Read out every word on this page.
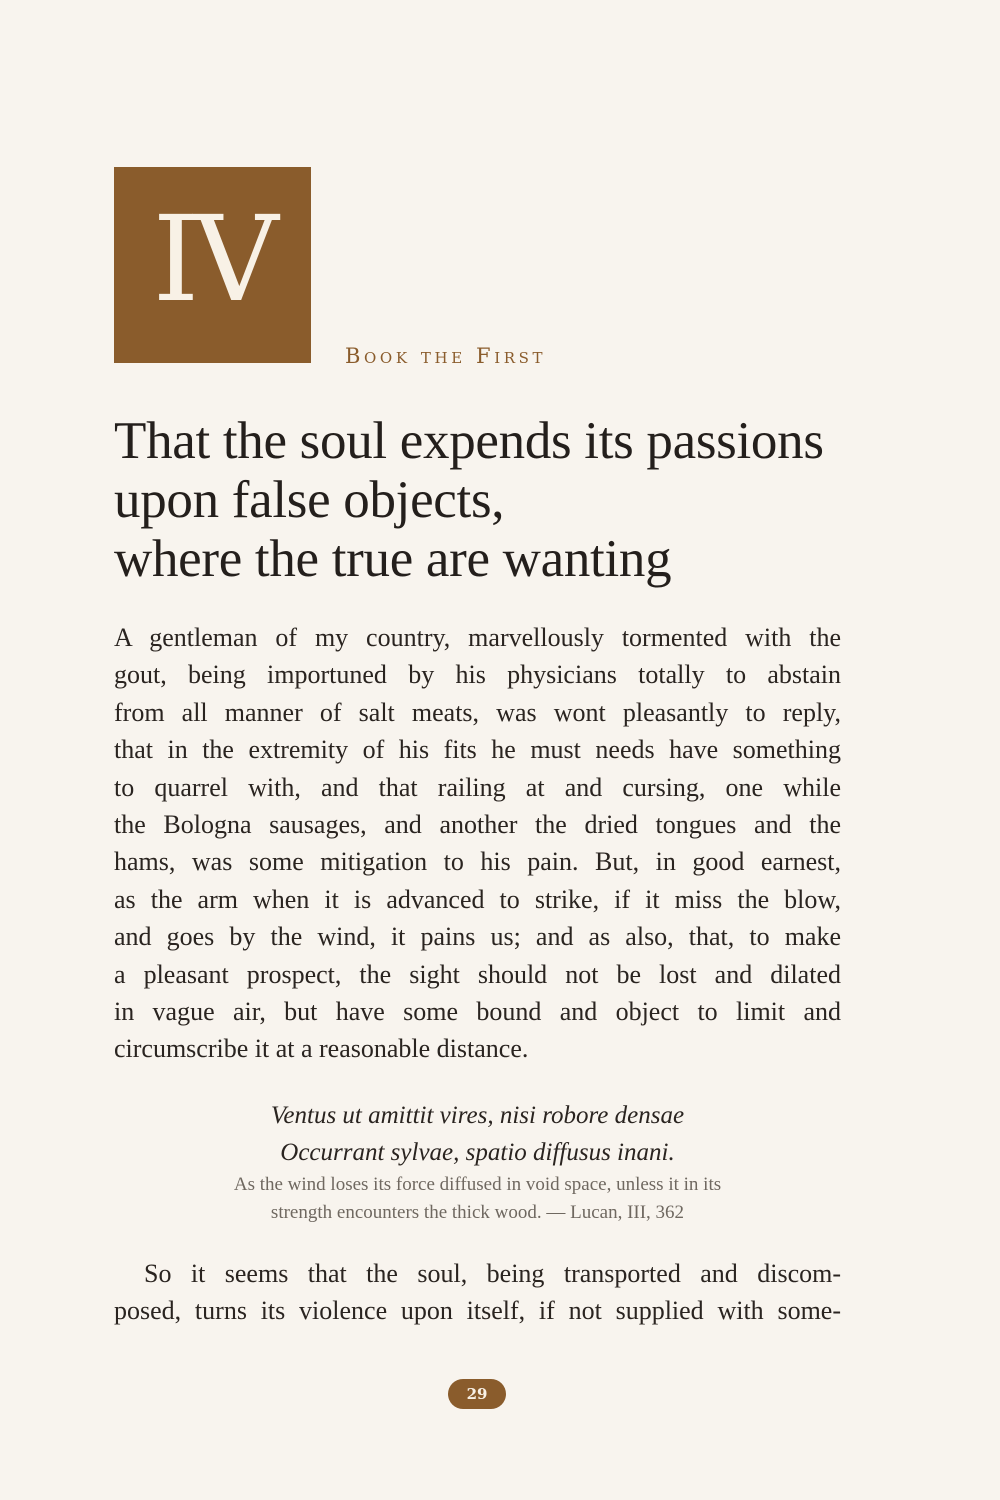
IV
Book the First
That the soul expends its passions
upon false objects,
where the true are wanting
A gentleman of my country, marvellously tormented with the
gout, being importuned by his physicians totally to abstain
from all manner of salt meats, was wont pleasantly to reply,
that in the extremity of his fits he must needs have something
to quarrel with, and that railing at and cursing, one while
the Bologna sausages, and another the dried tongues and the
hams, was some mitigation to his pain. But, in good earnest,
as the arm when it is advanced to strike, if it miss the blow,
and goes by the wind, it pains us; and as also, that, to make
a pleasant prospect, the sight should not be lost and dilated
in vague air, but have some bound and object to limit and
circumscribe it at a reasonable distance.
Ventus ut amittit vires, nisi robore densae
Occurrant sylvae, spatio diffusus inani.
As the wind loses its force diffused in void space, unless it in its
strength encounters the thick wood. — Lucan, III, 362
So it seems that the soul, being transported and discom-
posed, turns its violence upon itself, if not supplied with some-
29
